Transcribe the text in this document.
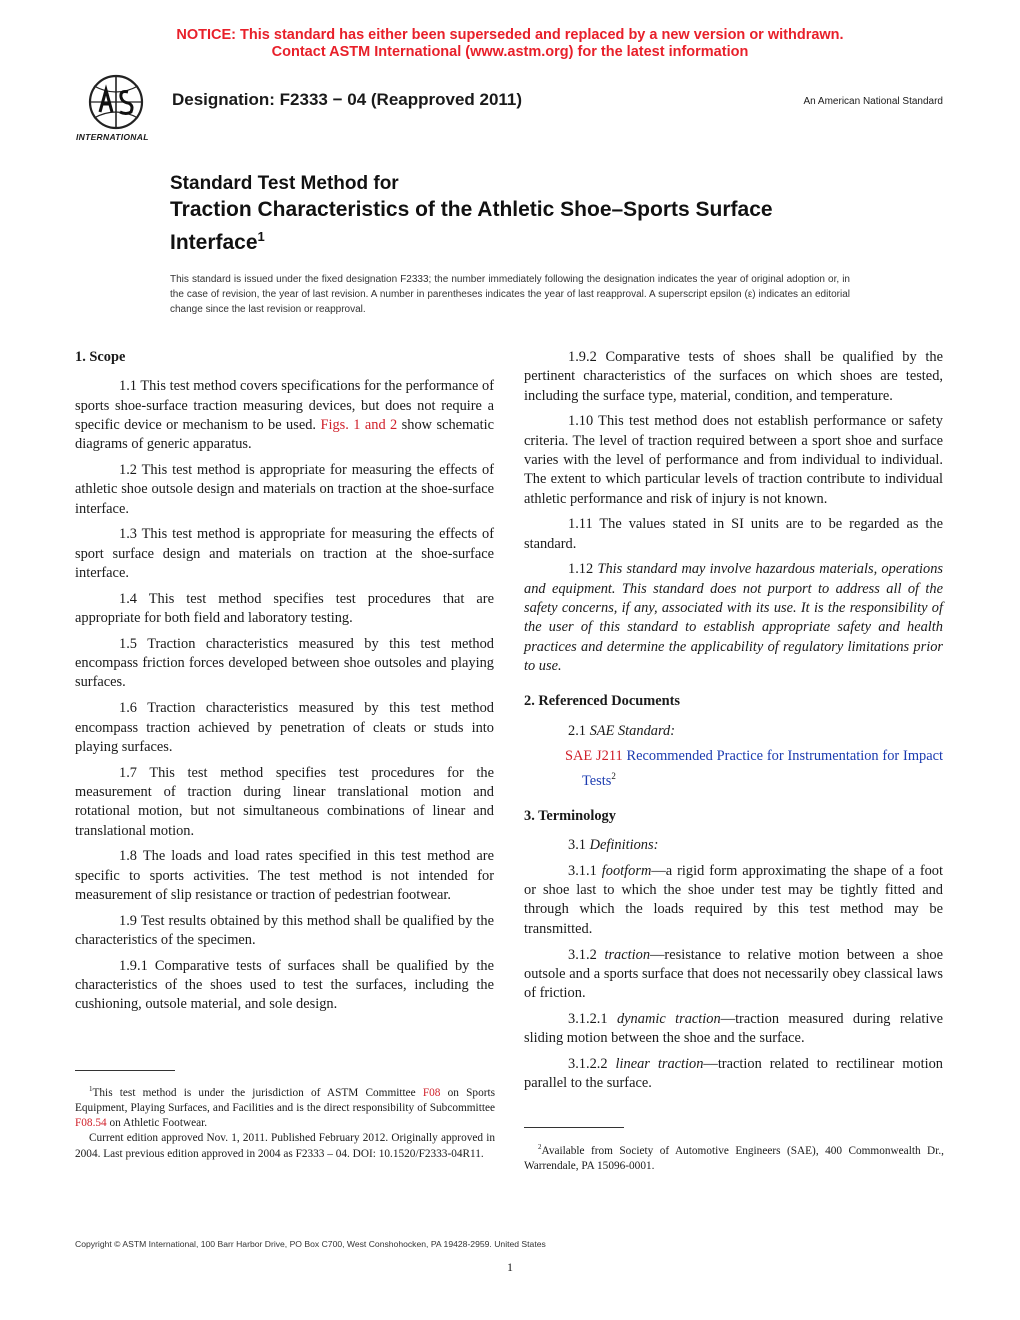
NOTICE: This standard has either been superseded and replaced by a new version or withdrawn.
Contact ASTM International (www.astm.org) for the latest information
INTERNATIONAL
Designation: F2333 − 04 (Reapproved 2011)	An American National Standard
Standard Test Method for
Traction Characteristics of the Athletic Shoe–Sports Surface
Interface$^1$
This standard is issued under the fixed designation F2333; the number immediately following the designation indicates the year of original adoption or, in the case of revision, the year of last revision. A number in parentheses indicates the year of last reapproval. A superscript epsilon (ε) indicates an editorial change since the last revision or reapproval.
1. Scope

1.1 This test method covers specifications for the performance of sports shoe-surface traction measuring devices, but does not require a specific device or mechanism to be used. Figs. 1 and 2 show schematic diagrams of generic apparatus.

1.2 This test method is appropriate for measuring the effects of athletic shoe outsole design and materials on traction at the shoe-surface interface.

1.3 This test method is appropriate for measuring the effects of sport surface design and materials on traction at the shoe-surface interface.

1.4 This test method specifies test procedures that are appropriate for both field and laboratory testing.

1.5 Traction characteristics measured by this test method encompass friction forces developed between shoe outsoles and playing surfaces.

1.6 Traction characteristics measured by this test method encompass traction achieved by penetration of cleats or studs into playing surfaces.

1.7 This test method specifies test procedures for the measurement of traction during linear translational motion and rotational motion, but not simultaneous combinations of linear and translational motion.

1.8 The loads and load rates specified in this test method are specific to sports activities. The test method is not intended for measurement of slip resistance or traction of pedestrian footwear.

1.9 Test results obtained by this method shall be qualified by the characteristics of the specimen.

1.9.1 Comparative tests of surfaces shall be qualified by the characteristics of the shoes used to test the surfaces, including the cushioning, outsole material, and sole design.

1.9.2 Comparative tests of shoes shall be qualified by the pertinent characteristics of the surfaces on which shoes are tested, including the surface type, material, condition, and temperature.

1.10 This test method does not establish performance or safety criteria. The level of traction required between a sport shoe and surface varies with the level of performance and from individual to individual. The extent to which particular levels of traction contribute to individual athletic performance and risk of injury is not known.

1.11 The values stated in SI units are to be regarded as the standard.

1.12 This standard may involve hazardous materials, operations and equipment. This standard does not purport to address all of the safety concerns, if any, associated with its use. It is the responsibility of the user of this standard to establish appropriate safety and health practices and determine the applicability of regulatory limitations prior to use.

2. Referenced Documents

2.1 SAE Standard:

SAE J211 Recommended Practice for Instrumentation for Impact Tests$^2$

3. Terminology

3.1 Definitions:

3.1.1 footform—a rigid form approximating the shape of a foot or shoe last to which the shoe under test may be tightly fitted and through which the loads required by this test method may be transmitted.

3.1.2 traction—resistance to relative motion between a shoe outsole and a sports surface that does not necessarily obey classical laws of friction.

3.1.2.1 dynamic traction—traction measured during relative sliding motion between the shoe and the surface.

3.1.2.2 linear traction—traction related to rectilinear motion parallel to the surface.

$^1$This test method is under the jurisdiction of ASTM Committee F08 on Sports Equipment, Playing Surfaces, and Facilities and is the direct responsibility of Subcommittee F08.54 on Athletic Footwear.

Current edition approved Nov. 1, 2011. Published February 2012. Originally approved in 2004. Last previous edition approved in 2004 as F2333 – 04. DOI: 10.1520/F2333-04R11.

$^2$Available from Society of Automotive Engineers (SAE), 400 Commonwealth Dr., Warrendale, PA 15096-0001.

Copyright © ASTM International, 100 Barr Harbor Drive, PO Box C700, West Conshohocken, PA 19428-2959. United States
1
